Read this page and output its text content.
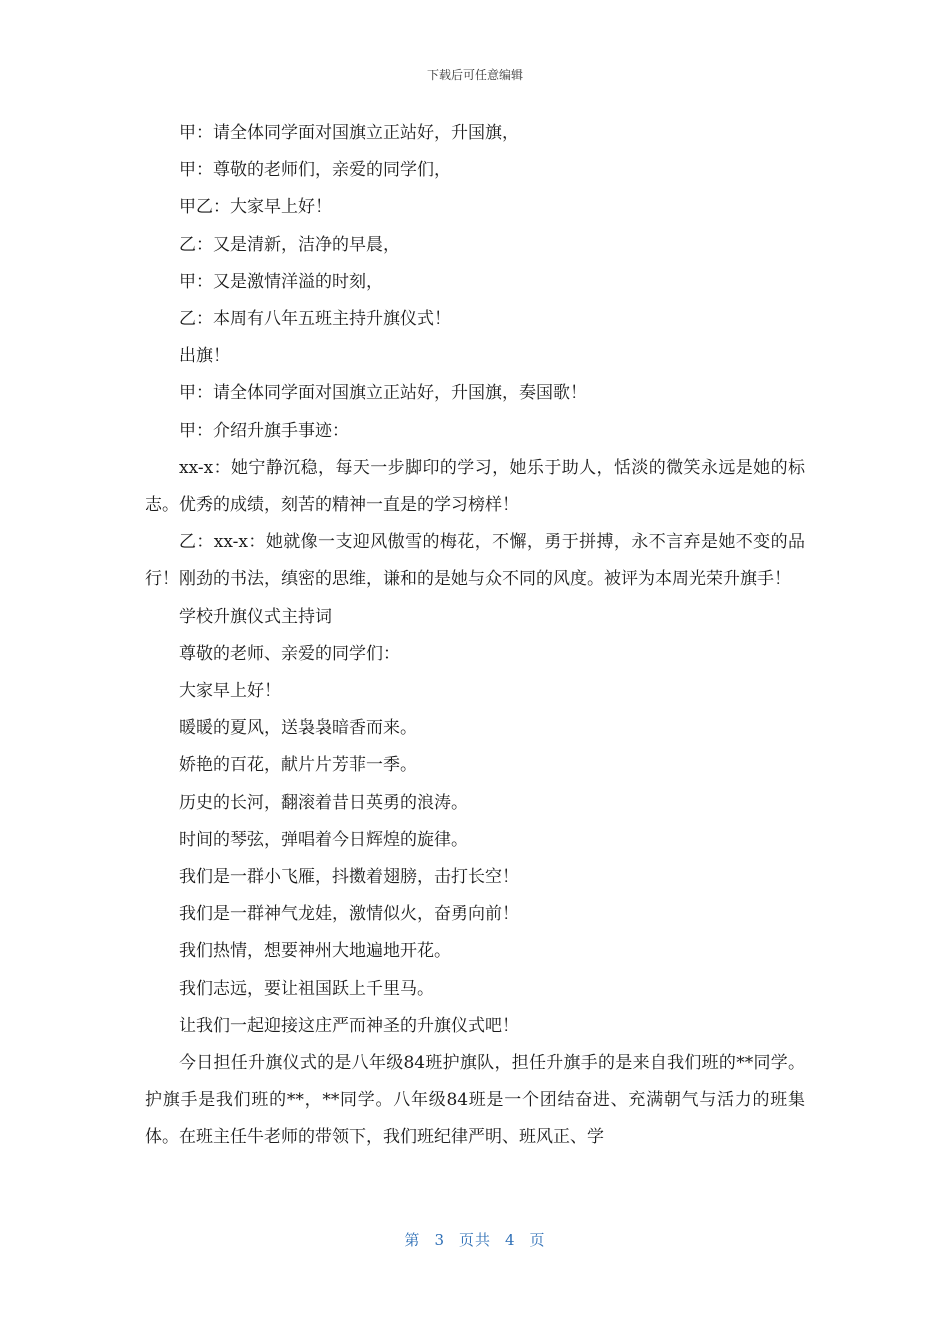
下载后可任意编辑

甲：请全体同学面对国旗立正站好，升国旗，

甲：尊敬的老师们，亲爱的同学们，

甲乙：大家早上好！

乙：又是清新，洁净的早晨，

甲：又是激情洋溢的时刻，

乙：本周有八年五班主持升旗仪式！

出旗！

甲：请全体同学面对国旗立正站好，升国旗，奏国歌！

甲：介绍升旗手事迹：

xx-x：她宁静沉稳，每天一步脚印的学习，她乐于助人，恬淡的微笑永远是她的标志。优秀的成绩，刻苦的精神一直是的学习榜样！

乙：xx-x：她就像一支迎风傲雪的梅花，不懈，勇于拼搏，永不言弃是她不变的品行！刚劲的书法，缜密的思维，谦和的是她与众不同的风度。被评为本周光荣升旗手！

学校升旗仪式主持词

尊敬的老师、亲爱的同学们：

大家早上好！

暖暖的夏风，送袅袅暗香而来。

娇艳的百花，献片片芳菲一季。

历史的长河，翻滚着昔日英勇的浪涛。

时间的琴弦，弹唱着今日辉煌的旋律。

我们是一群小飞雁，抖擞着翅膀，击打长空！

我们是一群神气龙娃，激情似火，奋勇向前！

我们热情，想要神州大地遍地开花。

我们志远，要让祖国跃上千里马。

让我们一起迎接这庄严而神圣的升旗仪式吧！

今日担任升旗仪式的是八年级84班护旗队，担任升旗手的是来自我们班的**同学。护旗手是我们班的**，**同学。八年级84班是一个团结奋进、充满朝气与活力的班集体。在班主任牛老师的带领下，我们班纪律严明、班风正、学

第 3 页共 4 页
